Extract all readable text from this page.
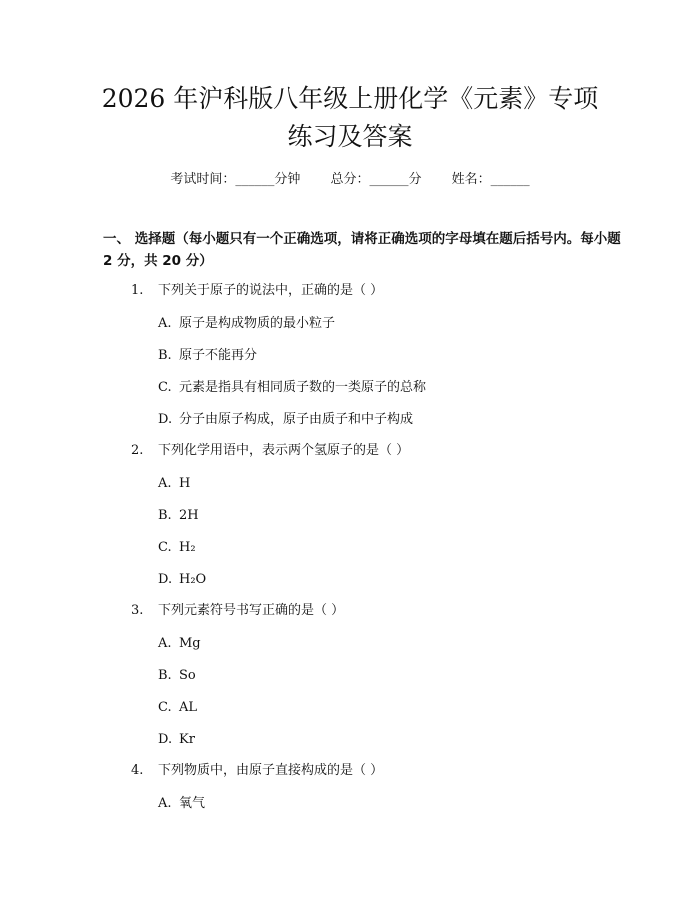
2026 年沪科版八年级上册化学《元素》专项
练习及答案
考试时间：______分钟 总分：______分 姓名：______
一、 选择题（每小题只有一个正确选项，请将正确选项的字母填在题后括号内。每小题 2 分，共 20 分）
1. 下列关于原子的说法中，正确的是（ ）
A. 原子是构成物质的最小粒子
B. 原子不能再分
C. 元素是指具有相同质子数的一类原子的总称
D. 分子由原子构成，原子由质子和中子构成
2. 下列化学用语中，表示两个氢原子的是（ ）
A. H
B. 2H
C. H₂
D. H₂O
3. 下列元素符号书写正确的是（ ）
A. Mg
B. So
C. AL
D. Kr
4. 下列物质中，由原子直接构成的是（ ）
A. 氧气
